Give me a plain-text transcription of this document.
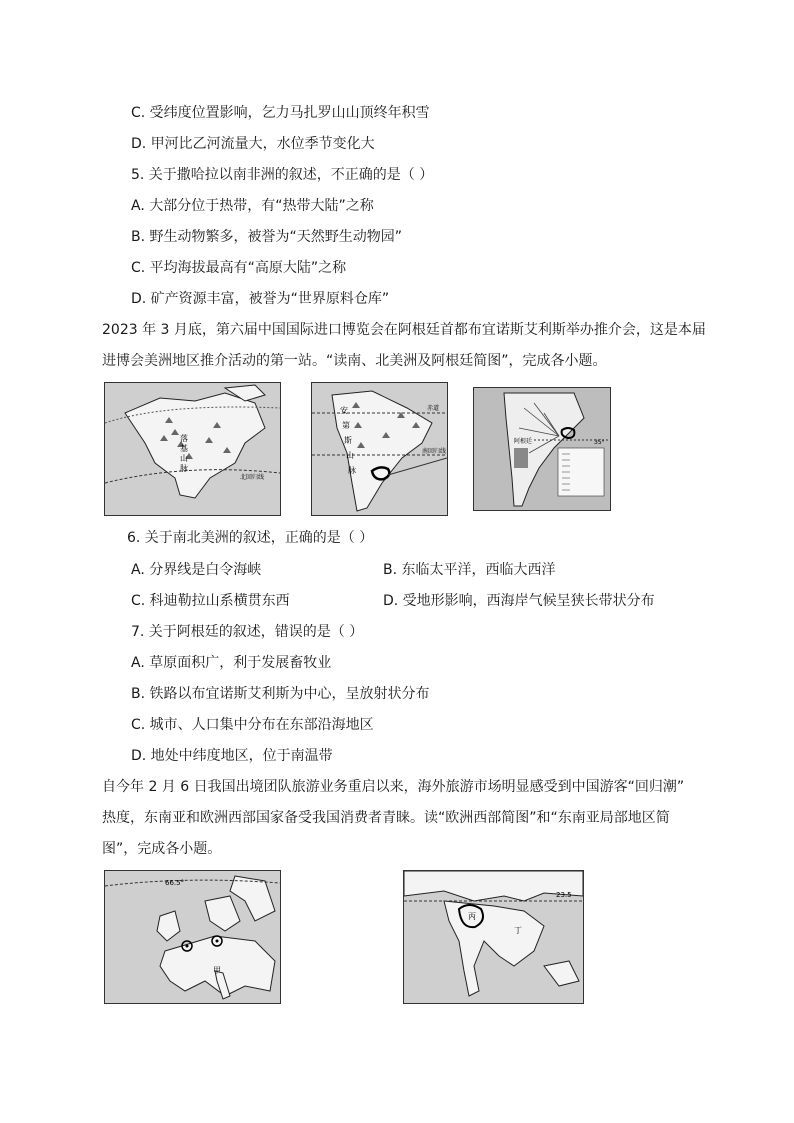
C. 受纬度位置影响，乞力马扎罗山山顶终年积雪
D. 甲河比乙河流量大，水位季节变化大
5. 关于撒哈拉以南非洲的叙述，不正确的是（ ）
A. 大部分位于热带，有“热带大陆”之称
B. 野生动物繁多，被誉为“天然野生动物园”
C. 平均海拔最高有“高原大陆”之称
D. 矿产资源丰富，被誉为“世界原料仓库”
2023 年 3 月底，第六届中国国际进口博览会在阿根廷首都布宜诺斯艾利斯举办推介会，这是本届
进博会美洲地区推介活动的第一站。“读南、北美洲及阿根廷简图”，完成各小题。
落
基
山
脉
北回归线
赤道
南回归线
安
第
斯
山
脉
35°
阿根廷
6. 关于南北美洲的叙述，正确的是（ ）
A. 分界线是白令海峡	B. 东临太平洋，西临大西洋
C. 科迪勒拉山系横贯东西	D. 受地形影响，西海岸气候呈狭长带状分布
7. 关于阿根廷的叙述，错误的是（ ）
A. 草原面积广，利于发展畜牧业
B. 铁路以布宜诺斯艾利斯为中心，呈放射状分布
C. 城市、人口集中分布在东部沿海地区
D. 地处中纬度地区，位于南温带
自今年 2 月 6 日我国出境团队旅游业务重启以来，海外旅游市场明显感受到中国游客“回归潮”
热度，东南亚和欧洲西部国家备受我国消费者青睐。读“欧洲西部简图”和“东南亚局部地区简
图”，完成各小题。
66.5°
甲
23.5
丙
丁
